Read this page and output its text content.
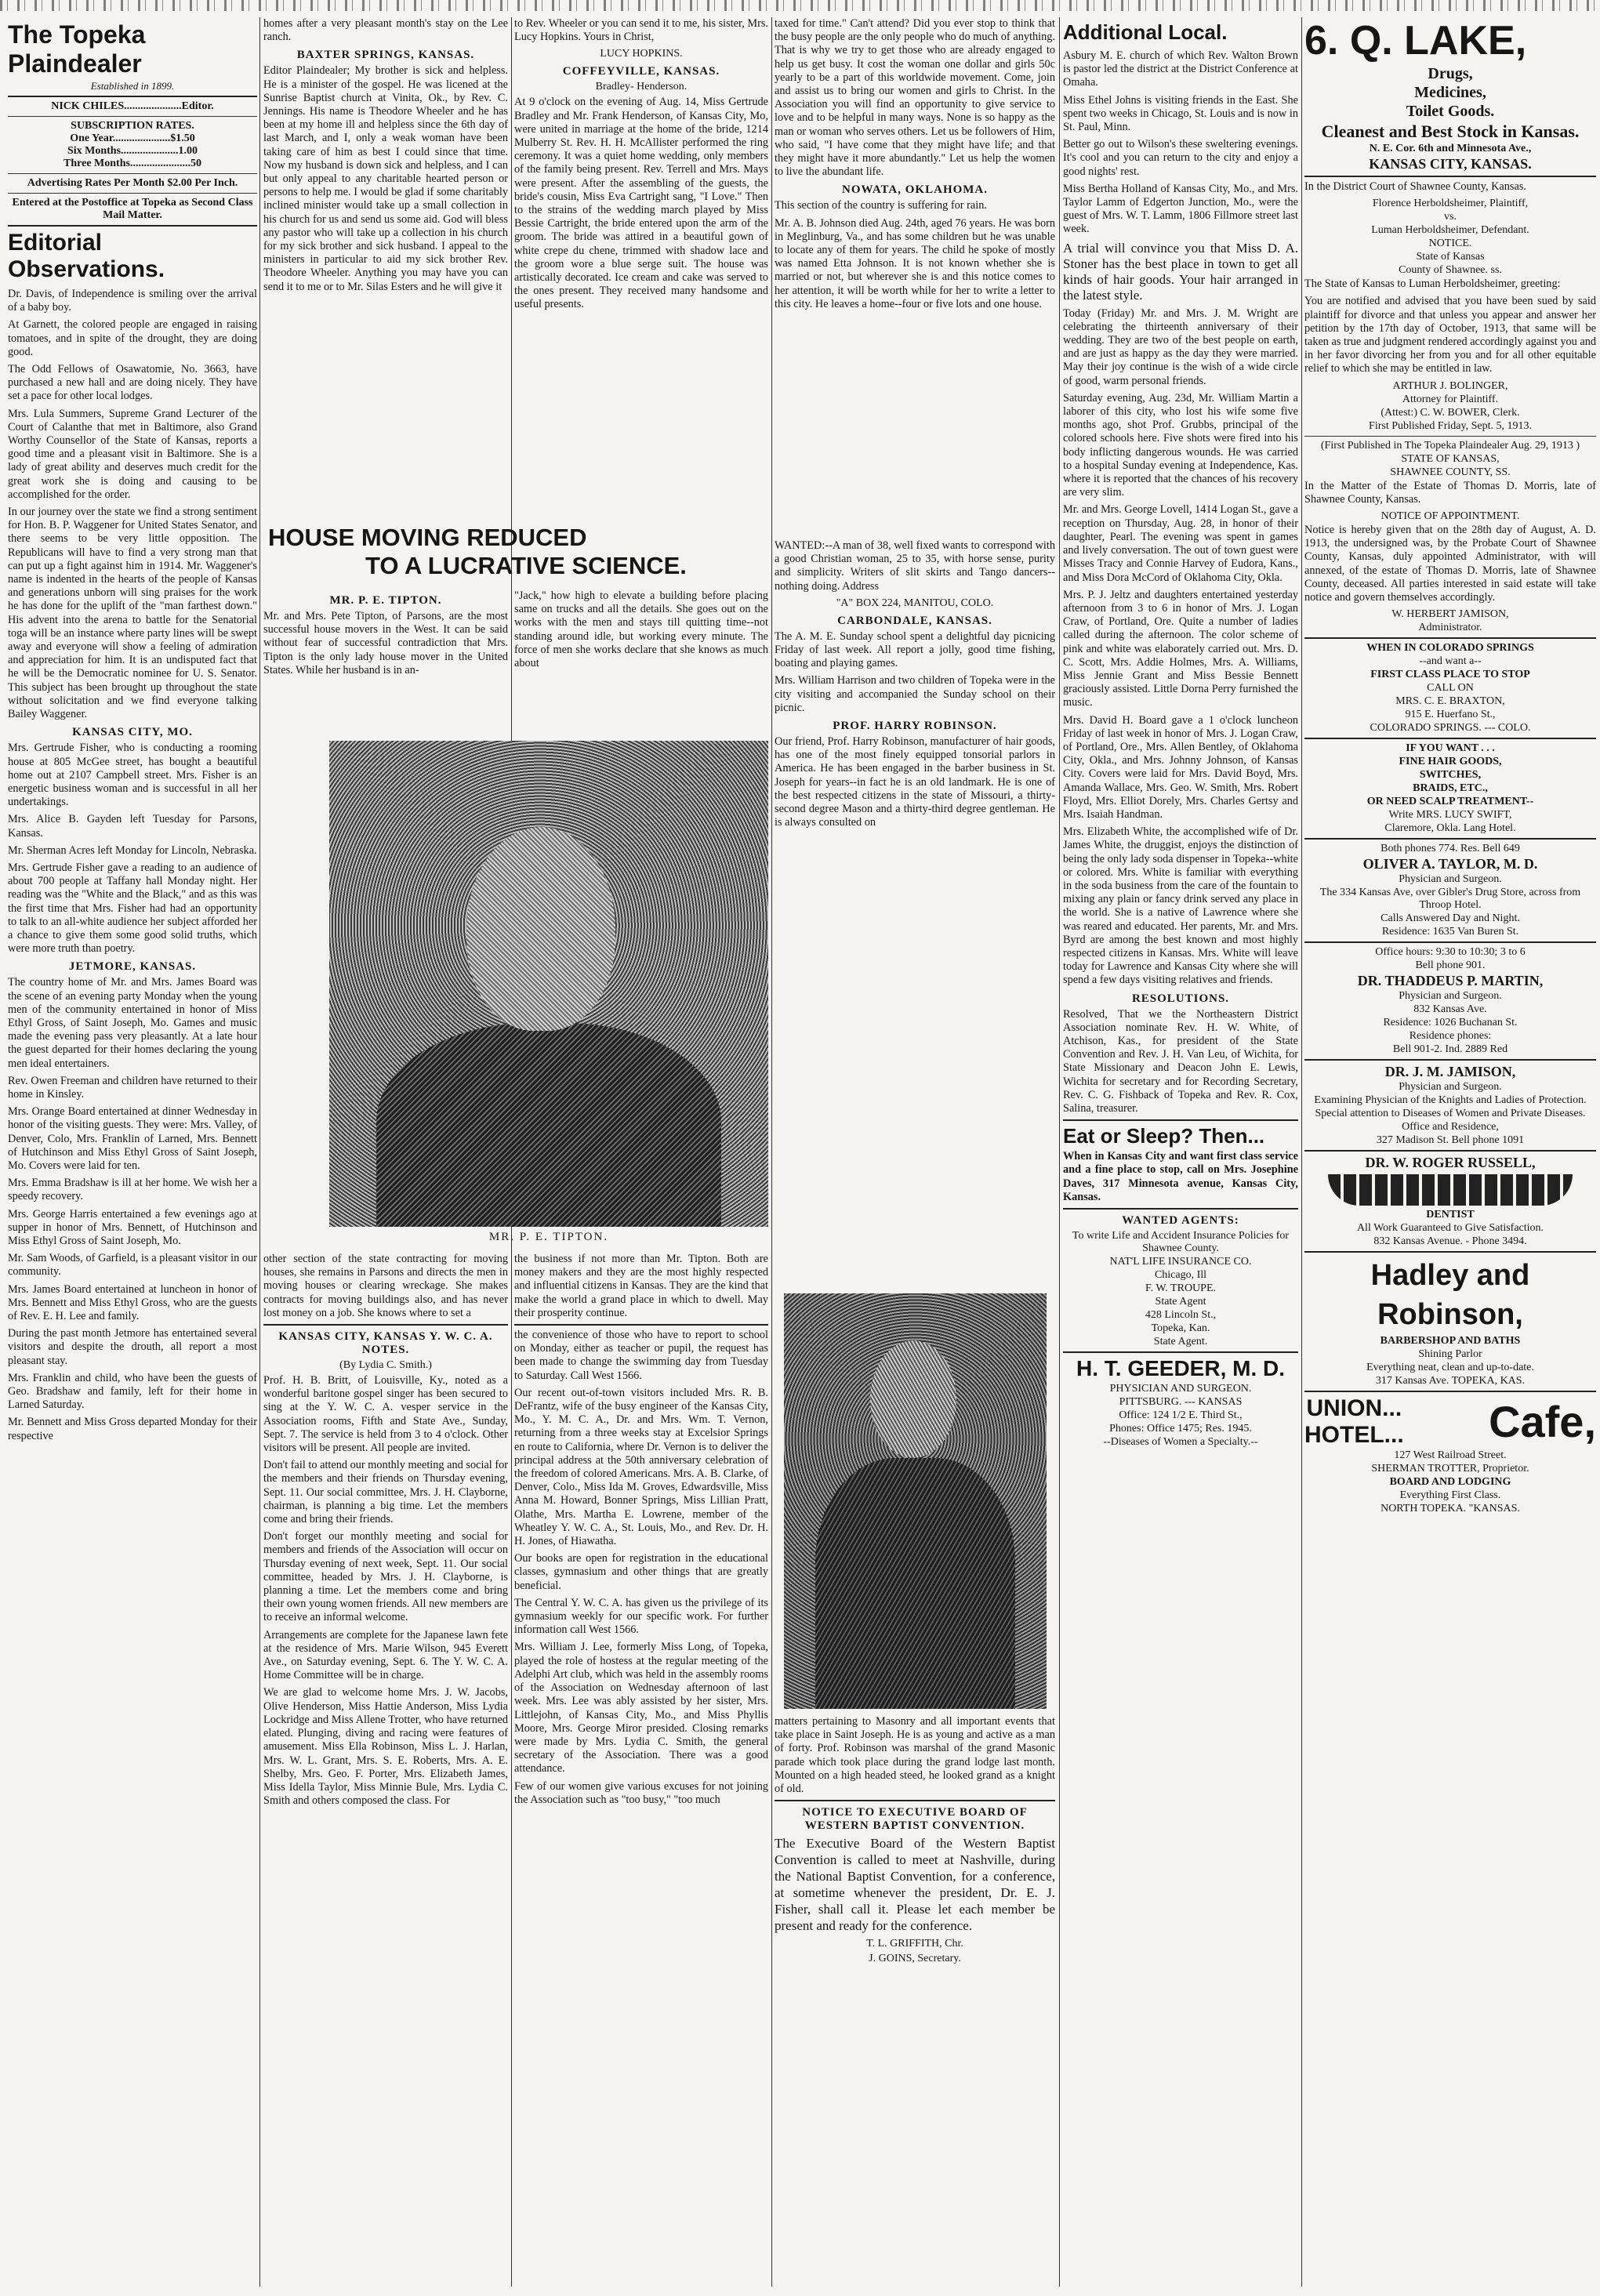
The Topeka Plaindealer

Established in 1899.

NICK CHILES.....................Editor.

SUBSCRIPTION RATES.

One Year.....................$1.50

Six Months.....................1.00

Three Months......................50

Advertising Rates Per Month $2.00 Per Inch.

Entered at the Postoffice at Topeka as Second Class Mail Matter.

Editorial Observations.

Dr. Davis, of Independence is smiling over the arrival of a baby boy.

At Garnett, the colored people are engaged in raising tomatoes, and in spite of the drought, they are doing good.

The Odd Fellows of Osawatomie, No. 3663, have purchased a new hall and are doing nicely. They have set a pace for other local lodges.

Mrs. Lula Summers, Supreme Grand Lecturer of the Court of Calanthe that met in Baltimore, also Grand Worthy Counsellor of the State of Kansas, reports a good time and a pleasant visit in Baltimore. She is a lady of great ability and deserves much credit for the great work she is doing and causing to be accomplished for the order.

In our journey over the state we find a strong sentiment for Hon. B. P. Waggener for United States Senator, and there seems to be very little opposition. The Republicans will have to find a very strong man that can put up a fight against him in 1914. Mr. Waggener's name is indented in the hearts of the people of Kansas and generations unborn will sing praises for the work he has done for the uplift of the "man farthest down." His advent into the arena to battle for the Senatorial toga will be an instance where party lines will be swept away and everyone will show a feeling of admiration and appreciation for him. It is an undisputed fact that he will be the Democratic nominee for U. S. Senator. This subject has been brought up throughout the state without solicitation and we find everyone talking Bailey Waggener.

KANSAS CITY, MO.

Mrs. Gertrude Fisher, who is conducting a rooming house at 805 McGee street, has bought a beautiful home out at 2107 Campbell street. Mrs. Fisher is an energetic business woman and is successful in all her undertakings.

Mrs. Alice B. Gayden left Tuesday for Parsons, Kansas.

Mr. Sherman Acres left Monday for Lincoln, Nebraska.

Mrs. Gertrude Fisher gave a reading to an audience of about 700 people at Taffany hall Monday night. Her reading was the "White and the Black," and as this was the first time that Mrs. Fisher had had an opportunity to talk to an all-white audience her subject afforded her a chance to give them some good solid truths, which were more truth than poetry.

JETMORE, KANSAS.

The country home of Mr. and Mrs. James Board was the scene of an evening party Monday when the young men of the community entertained in honor of Miss Ethyl Gross, of Saint Joseph, Mo. Games and music made the evening pass very pleasantly. At a late hour the guest departed for their homes declaring the young men ideal entertainers.

Rev. Owen Freeman and children have returned to their home in Kinsley.

Mrs. Orange Board entertained at dinner Wednesday in honor of the visiting guests. They were: Mrs. Valley, of Denver, Colo, Mrs. Franklin of Larned, Mrs. Bennett of Hutchinson and Miss Ethyl Gross of Saint Joseph, Mo. Covers were laid for ten.

Mrs. Emma Bradshaw is ill at her home. We wish her a speedy recovery.

Mrs. George Harris entertained a few evenings ago at supper in honor of Mrs. Bennett, of Hutchinson and Miss Ethyl Gross of Saint Joseph, Mo.

Mr. Sam Woods, of Garfield, is a pleasant visitor in our community.

Mrs. James Board entertained at luncheon in honor of Mrs. Bennett and Miss Ethyl Gross, who are the guests of Rev. E. H. Lee and family.

During the past month Jetmore has entertained several visitors and despite the drouth, all report a most pleasant stay.

Mrs. Franklin and child, who have been the guests of Geo. Bradshaw and family, left for their home in Larned Saturday.

Mr. Bennett and Miss Gross departed Monday for their respective

homes after a very pleasant month's stay on the Lee ranch.

BAXTER SPRINGS, KANSAS.

Editor Plaindealer; My brother is sick and helpless. He is a minister of the gospel. He was licened at the Sunrise Baptist church at Vinita, Ok., by Rev. C. Jennings. His name is Theodore Wheeler and he has been at my home ill and helpless since the 6th day of last March, and I, only a weak woman have been taking care of him as best I could since that time. Now my husband is down sick and helpless, and I can but only appeal to any charitable hearted person or persons to help me. I would be glad if some charitably inclined minister would take up a small collection in his church for us and send us some aid. God will bless any pastor who will take up a collection in his church for my sick brother and sick husband. I appeal to the ministers in particular to aid my sick brother Rev. Theodore Wheeler. Anything you may have you can send it to me or to Mr. Silas Esters and he will give it

to Rev. Wheeler or you can send it to me, his sister, Mrs. Lucy Hopkins. Yours in Christ,

LUCY HOPKINS.

COFFEYVILLE, KANSAS.

Bradley- Henderson.

At 9 o'clock on the evening of Aug. 14, Miss Gertrude Bradley and Mr. Frank Henderson, of Kansas City, Mo, were united in marriage at the home of the bride, 1214 Mulberry St. Rev. H. H. McAllister performed the ring ceremony. It was a quiet home wedding, only members of the family being present. Rev. Terrell and Mrs. Mays were present. After the assembling of the guests, the bride's cousin, Miss Eva Cartright sang, "I Love." Then to the strains of the wedding march played by Miss Bessie Cartright, the bride entered upon the arm of the groom. The bride was attired in a beautiful gown of white crepe du chene, trimmed with shadow lace and the groom wore a blue serge suit. The house was artistically decorated. Ice cream and cake was served to the ones present. They received many handsome and useful presents.

taxed for time." Can't attend? Did you ever stop to think that the busy people are the only people who do much of anything. That is why we try to get those who are already engaged to help us get busy. It cost the woman one dollar and girls 50c yearly to be a part of this worldwide movement. Come, join and assist us to bring our women and girls to Christ. In the Association you will find an opportunity to give service to love and to be helpful in many ways. None is so happy as the man or woman who serves others. Let us be followers of Him, who said, "I have come that they might have life; and that they might have it more abundantly." Let us help the women to live the abundant life.

NOWATA, OKLAHOMA.

This section of the country is suffering for rain.

Mr. A. B. Johnson died Aug. 24th, aged 76 years. He was born in Meglinburg, Va., and has some children but he was unable to locate any of them for years. The child he spoke of mostly was named Etta Johnson. It is not known whether she is married or not, but wherever she is and this notice comes to her attention, it will be worth while for her to write a letter to this city. He leaves a home--four or five lots and one house.

HOUSE MOVING REDUCED
TO A LUCRATIVE SCIENCE.

MR. P. E. TIPTON.

Mr. and Mrs. Pete Tipton, of Parsons, are the most successful house movers in the West. It can be said without fear of successful contradiction that Mrs. Tipton is the only lady house mover in the United States. While her husband is in an-

"Jack," how high to elevate a building before placing same on trucks and all the details. She goes out on the works with the men and stays till quitting time--not standing around idle, but working every minute. The force of men she works declare that she knows as much about

MR. P. E. TIPTON.

other section of the state contracting for moving houses, she remains in Parsons and directs the men in moving houses or clearing wreckage. She makes contracts for moving buildings also, and has never lost money on a job. She knows where to set a

KANSAS CITY, KANSAS Y. W. C. A. NOTES.

(By Lydia C. Smith.)

Prof. H. B. Britt, of Louisville, Ky., noted as a wonderful baritone gospel singer has been secured to sing at the Y. W. C. A. vesper service in the Association rooms, Fifth and State Ave., Sunday, Sept. 7. The service is held from 3 to 4 o'clock. Other visitors will be present. All people are invited.

Don't fail to attend our monthly meeting and social for the members and their friends on Thursday evening, Sept. 11. Our social committee, Mrs. J. H. Clayborne, chairman, is planning a big time. Let the members come and bring their friends.

Don't forget our monthly meeting and social for members and friends of the Association will occur on Thursday evening of next week, Sept. 11. Our social committee, headed by Mrs. J. H. Clayborne, is planning a time. Let the members come and bring their own young women friends. All new members are to receive an informal welcome.

Arrangements are complete for the Japanese lawn fete at the residence of Mrs. Marie Wilson, 945 Everett Ave., on Saturday evening, Sept. 6. The Y. W. C. A. Home Committee will be in charge.

We are glad to welcome home Mrs. J. W. Jacobs, Olive Henderson, Miss Hattie Anderson, Miss Lydia Lockridge and Miss Allene Trotter, who have returned elated. Plunging, diving and racing were features of amusement. Miss Ella Robinson, Miss L. J. Harlan, Mrs. W. L. Grant, Mrs. S. E. Roberts, Mrs. A. E. Shelby, Mrs. Geo. F. Porter, Mrs. Elizabeth James, Miss Idella Taylor, Miss Minnie Bule, Mrs. Lydia C. Smith and others composed the class. For

the business if not more than Mr. Tipton. Both are money makers and they are the most highly respected and influential citizens in Kansas. They are the kind that make the world a grand place in which to dwell. May their prosperity continue.

the convenience of those who have to report to school on Monday, either as teacher or pupil, the request has been made to change the swimming day from Tuesday to Saturday. Call West 1566.

Our recent out-of-town visitors included Mrs. R. B. DeFrantz, wife of the busy engineer of the Kansas City, Mo., Y. M. C. A., Dr. and Mrs. Wm. T. Vernon, returning from a three weeks stay at Excelsior Springs en route to California, where Dr. Vernon is to deliver the principal address at the 50th anniversary celebration of the freedom of colored Americans. Mrs. A. B. Clarke, of Denver, Colo., Miss Ida M. Groves, Edwardsville, Miss Anna M. Howard, Bonner Springs, Miss Lillian Pratt, Olathe, Mrs. Martha E. Lowrene, member of the Wheatley Y. W. C. A., St. Louis, Mo., and Rev. Dr. H. H. Jones, of Hiawatha.

Our books are open for registration in the educational classes, gymnasium and other things that are greatly beneficial.

The Central Y. W. C. A. has given us the privilege of its gymnasium weekly for our specific work. For further information call West 1566.

Mrs. William J. Lee, formerly Miss Long, of Topeka, played the role of hostess at the regular meeting of the Adelphi Art club, which was held in the assembly rooms of the Association on Wednesday afternoon of last week. Mrs. Lee was ably assisted by her sister, Mrs. Littlejohn, of Kansas City, Mo., and Miss Phyllis Moore, Mrs. George Miror presided. Closing remarks were made by Mrs. Lydia C. Smith, the general secretary of the Association. There was a good attendance.

Few of our women give various excuses for not joining the Association such as "too busy," "too much

WANTED:--A man of 38, well fixed wants to correspond with a good Christian woman, 25 to 35, with horse sense, purity and simplicity. Writers of slit skirts and Tango dancers--nothing doing. Address

"A" BOX 224, MANITOU, COLO.

CARBONDALE, KANSAS.

The A. M. E. Sunday school spent a delightful day picnicing Friday of last week. All report a jolly, good time fishing, boating and playing games.

Mrs. William Harrison and two children of Topeka were in the city visiting and accompanied the Sunday school on their picnic.

PROF. HARRY ROBINSON.

Our friend, Prof. Harry Robinson, manufacturer of hair goods, has one of the most finely equipped tonsorial parlors in America. He has been engaged in the barber business in St. Joseph for years--in fact he is an old landmark. He is one of the best respected citizens in the state of Missouri, a thirty-second degree Mason and a thirty-third degree gentleman. He is always consulted on

matters pertaining to Masonry and all important events that take place in Saint Joseph. He is as young and active as a man of forty. Prof. Robinson was marshal of the grand Masonic parade which took place during the grand lodge last month. Mounted on a high headed steed, he looked grand as a knight of old.

NOTICE TO EXECUTIVE BOARD OF WESTERN BAPTIST CONVENTION.

The Executive Board of the Western Baptist Convention is called to meet at Nashville, during the National Baptist Convention, for a conference, at sometime whenever the president, Dr. E. J. Fisher, shall call it. Please let each member be present and ready for the conference.

T. L. GRIFFITH, Chr.

J. GOINS, Secretary.

Additional Local.

Asbury M. E. church of which Rev. Walton Brown is pastor led the district at the District Conference at Omaha.

Miss Ethel Johns is visiting friends in the East. She spent two weeks in Chicago, St. Louis and is now in St. Paul, Minn.

Better go out to Wilson's these sweltering evenings. It's cool and you can return to the city and enjoy a good nights' rest.

Miss Bertha Holland of Kansas City, Mo., and Mrs. Taylor Lamm of Edgerton Junction, Mo., were the guest of Mrs. W. T. Lamm, 1806 Fillmore street last week.

A trial will convince you that Miss D. A. Stoner has the best place in town to get all kinds of hair goods. Your hair arranged in the latest style.

Today (Friday) Mr. and Mrs. J. M. Wright are celebrating the thirteenth anniversary of their wedding. They are two of the best people on earth, and are just as happy as the day they were married. May their joy continue is the wish of a wide circle of good, warm personal friends.

Saturday evening, Aug. 23d, Mr. William Martin a laborer of this city, who lost his wife some five months ago, shot Prof. Grubbs, principal of the colored schools here. Five shots were fired into his body inflicting dangerous wounds. He was carried to a hospital Sunday evening at Independence, Kas. where it is reported that the chances of his recovery are very slim.

Mr. and Mrs. George Lovell, 1414 Logan St., gave a reception on Thursday, Aug. 28, in honor of their daughter, Pearl. The evening was spent in games and lively conversation. The out of town guest were Misses Tracy and Connie Harvey of Eudora, Kans., and Miss Dora McCord of Oklahoma City, Okla.

Mrs. P. J. Jeltz and daughters entertained yesterday afternoon from 3 to 6 in honor of Mrs. J. Logan Craw, of Portland, Ore. Quite a number of ladies called during the afternoon. The color scheme of pink and white was elaborately carried out. Mrs. D. C. Scott, Mrs. Addie Holmes, Mrs. A. Williams, Miss Jennie Grant and Miss Bessie Bennett graciously assisted. Little Dorna Perry furnished the music.

Mrs. David H. Board gave a 1 o'clock luncheon Friday of last week in honor of Mrs. J. Logan Craw, of Portland, Ore., Mrs. Allen Bentley, of Oklahoma City, Okla., and Mrs. Johnny Johnson, of Kansas City. Covers were laid for Mrs. David Boyd, Mrs. Amanda Wallace, Mrs. Geo. W. Smith, Mrs. Robert Floyd, Mrs. Elliot Dorely, Mrs. Charles Gertsy and Mrs. Isaiah Handman.

Mrs. Elizabeth White, the accomplished wife of Dr. James White, the druggist, enjoys the distinction of being the only lady soda dispenser in Topeka--white or colored. Mrs. White is familiar with everything in the soda business from the care of the fountain to mixing any plain or fancy drink served any place in the world. She is a native of Lawrence where she was reared and educated. Her parents, Mr. and Mrs. Byrd are among the best known and most highly respected citizens in Kansas. Mrs. White will leave today for Lawrence and Kansas City where she will spend a few days visiting relatives and friends.

RESOLUTIONS.

Resolved, That we the Northeastern District Association nominate Rev. H. W. White, of Atchison, Kas., for president of the State Convention and Rev. J. H. Van Leu, of Wichita, for State Missionary and Deacon John E. Lewis, Wichita for secretary and for Recording Secretary, Rev. C. G. Fishback of Topeka and Rev. R. Cox, Salina, treasurer.

Eat or Sleep? Then...

When in Kansas City and want first class service and a fine place to stop, call on Mrs. Josephine Daves, 317 Minnesota avenue, Kansas City, Kansas.

WANTED AGENTS:

To write Life and Accident Insurance Policies for Shawnee County.

NAT'L LIFE INSURANCE CO.

Chicago, Ill

F. W. TROUPE.

State Agent

428 Lincoln St.,

Topeka, Kan.

State Agent.

H. T. GEEDER, M. D.

PHYSICIAN AND SURGEON.

PITTSBURG. --- KANSAS

Office: 124 1/2 E. Third St.,

Phones: Office 1475; Res. 1945.

--Diseases of Women a Specialty.--

6. Q. LAKE,

Drugs,

Medicines,

Toilet Goods.

Cleanest and Best Stock in Kansas.

N. E. Cor. 6th and Minnesota Ave.,

KANSAS CITY, KANSAS.

In the District Court of Shawnee County, Kansas.

Florence Herboldsheimer, Plaintiff,

vs.

Luman Herboldsheimer, Defendant.

NOTICE.

State of Kansas

County of Shawnee. ss.

The State of Kansas to Luman Herboldsheimer, greeting:

You are notified and advised that you have been sued by said plaintiff for divorce and that unless you appear and answer her petition by the 17th day of October, 1913, that same will be taken as true and judgment rendered accordingly against you and in her favor divorcing her from you and for all other equitable relief to which she may be entitled in law.

ARTHUR J. BOLINGER,

Attorney for Plaintiff.

(Attest:) C. W. BOWER, Clerk.

First Published Friday, Sept. 5, 1913.

(First Published in The Topeka Plaindealer Aug. 29, 1913 )

STATE OF KANSAS,

SHAWNEE COUNTY, SS.

In the Matter of the Estate of Thomas D. Morris, late of Shawnee County, Kansas.

NOTICE OF APPOINTMENT.

Notice is hereby given that on the 28th day of August, A. D. 1913, the undersigned was, by the Probate Court of Shawnee County, Kansas, duly appointed Administrator, with will annexed, of the estate of Thomas D. Morris, late of Shawnee County, deceased. All parties interested in said estate will take notice and govern themselves accordingly.

W. HERBERT JAMISON,

Administrator.

WHEN IN COLORADO SPRINGS

--and want a--

FIRST CLASS PLACE TO STOP

CALL ON

MRS. C. E. BRAXTON,

915 E. Huerfano St.,

COLORADO SPRINGS. --- COLO.

IF YOU WANT . . .

FINE HAIR GOODS,

SWITCHES,

BRAIDS, ETC.,

OR NEED SCALP TREATMENT--

Write MRS. LUCY SWIFT,

Claremore, Okla. Lang Hotel.

Both phones 774. Res. Bell 649

OLIVER A. TAYLOR, M. D.

Physician and Surgeon.

The 334 Kansas Ave, over Gibler's Drug Store, across from Throop Hotel.

Calls Answered Day and Night.

Residence: 1635 Van Buren St.

Office hours: 9:30 to 10:30; 3 to 6

Bell phone 901.

DR. THADDEUS P. MARTIN,

Physician and Surgeon.

832 Kansas Ave.

Residence: 1026 Buchanan St.

Residence phones:

Bell 901-2. Ind. 2889 Red

DR. J. M. JAMISON,

Physician and Surgeon.

Examining Physician of the Knights and Ladies of Protection.

Special attention to Diseases of Women and Private Diseases.

Office and Residence,

327 Madison St. Bell phone 1091

DR. W. ROGER RUSSELL,

DENTIST

All Work Guaranteed to Give Satisfaction.

832 Kansas Avenue. - Phone 3494.

Hadley and Robinson,

BARBERSHOP AND BATHS

Shining Parlor

Everything neat, clean and up-to-date.

317 Kansas Ave. TOPEKA, KAS.

UNION...

HOTEL... Cafe,

127 West Railroad Street.

SHERMAN TROTTER, Proprietor.

BOARD AND LODGING

Everything First Class.

NORTH TOPEKA. "KANSAS.
